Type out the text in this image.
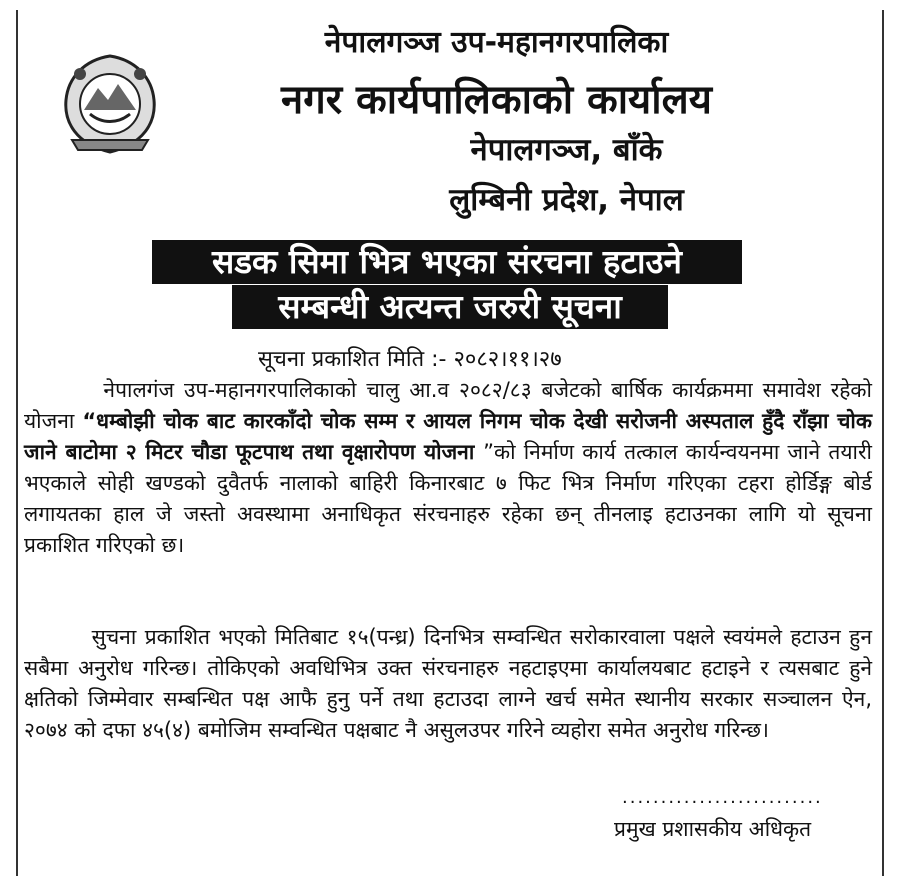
नेपालगञ्ज उप-महानगरपालिका
नगर कार्यपालिकाको कार्यालय
नेपालगञ्ज, बाँके
लुम्बिनी प्रदेश, नेपाल
सडक सिमा भित्र भएका संरचना हटाउने
सम्बन्धी अत्यन्त जरुरी सूचना
सूचना प्रकाशित मिति :- २०८२।११।२७
नेपालगंज उप-महानगरपालिकाको चालु आ.व २०८२/८३ बजेटको बार्षिक कार्यक्रममा समावेश रहेको योजना “धम्बोझी चोक बाट कारकाँदो चोक सम्म र आयल निगम चोक देखी सरोजनी अस्पताल हुँदै राँझा चोक जाने बाटोमा २ मिटर चौडा फूटपाथ तथा वृक्षारोपण योजना ”को निर्माण कार्य तत्काल कार्यन्वयनमा जाने तयारी भएकाले सोही खण्डको दुवैतर्फ नालाको बाहिरी किनारबाट ७ फिट भित्र निर्माण गरिएका टहरा होर्डिङ्ग बोर्ड लगायतका हाल जे जस्तो अवस्थामा अनाधिकृत संरचनाहरु रहेका छन् तीनलाइ हटाउनका लागि यो सूचना प्रकाशित गरिएको छ।
सुचना प्रकाशित भएको मितिबाट १५(पन्ध्र) दिनभित्र सम्वन्धित सरोकारवाला पक्षले स्वयंमले हटाउन हुन सबैमा अनुरोध गरिन्छ। तोकिएको अवधिभित्र उक्त संरचनाहरु नहटाइएमा कार्यालयबाट हटाइने र त्यसबाट हुने क्षतिको जिम्मेवार सम्बन्धित पक्ष आफै हुनु पर्ने तथा हटाउदा लाग्ने खर्च समेत स्थानीय सरकार सञ्चालन ऐन, २०७४ को दफा ४५(४) बमोजिम सम्वन्धित पक्षबाट नै असुलउपर गरिने व्यहोरा समेत अनुरोध गरिन्छ।
..........................
प्रमुख प्रशासकीय अधिकृत
